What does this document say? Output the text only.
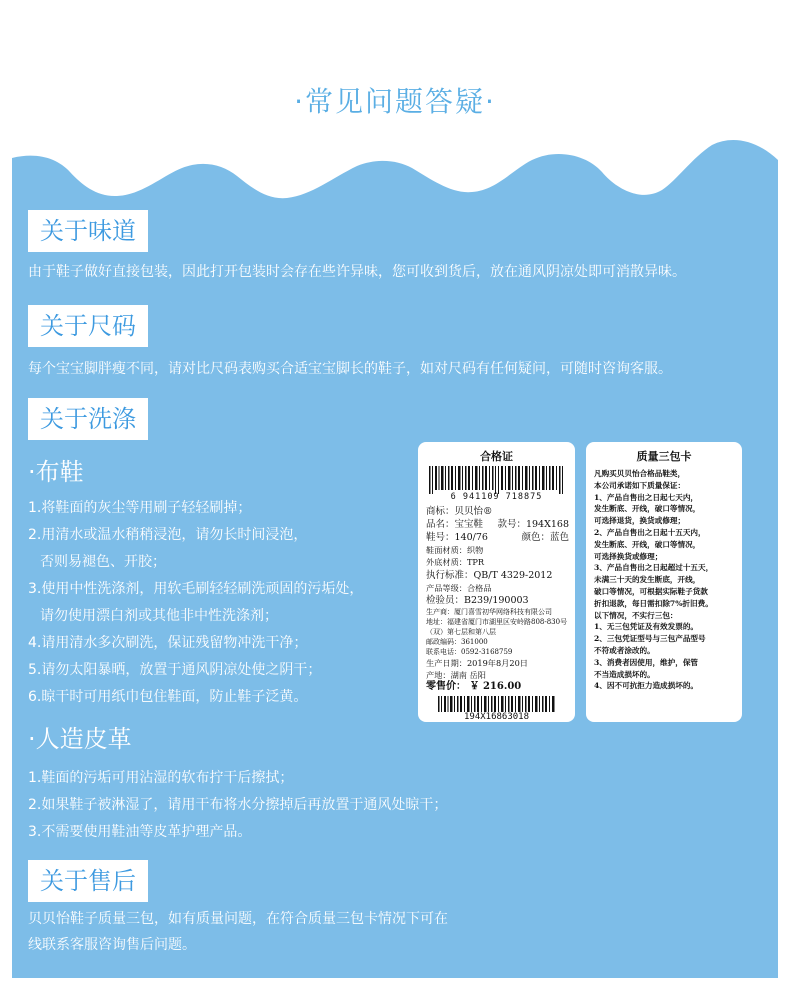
·常见问题答疑·
关于味道
由于鞋子做好直接包装，因此打开包装时会存在些许异味，您可收到货后，放在通风阴凉处即可消散异味。
关于尺码
每个宝宝脚胖瘦不同，请对比尺码表购买合适宝宝脚长的鞋子，如对尺码有任何疑问，可随时咨询客服。
关于洗涤
·布鞋
1.将鞋面的灰尘等用刷子轻轻刷掉；
2.用清水或温水稍稍浸泡，请勿长时间浸泡，
否则易褪色、开胶；
3.使用中性洗涤剂，用软毛刷轻轻刷洗顽固的污垢处，
请勿使用漂白剂或其他非中性洗涤剂；
4.请用清水多次刷洗，保证残留物冲洗干净；
5.请勿太阳暴晒，放置于通风阴凉处使之阴干；
6.晾干时可用纸巾包住鞋面，防止鞋子泛黄。
·人造皮革
1.鞋面的污垢可用沾湿的软布拧干后擦拭；
2.如果鞋子被淋湿了，请用干布将水分擦掉后再放置于通风处晾干；
3.不需要使用鞋油等皮革护理产品。
关于售后
贝贝怡鞋子质量三包，如有质量问题，在符合质量三包卡情况下可在
线联系客服咨询售后问题。
合格证
6 941109 718875
商标：贝贝怡®
品名：宝宝鞋 款号：194X168
鞋号：140/76	颜色：蓝色
鞋面材质：织物
外底材质：TPR
执行标准：QB/T 4329-2012
产品等级：合格品
检验员：B239/190003
生产商：厦门喜雪初华网络科技有限公司
地址：福建省厦门市湖里区安岭路808-830号（双）第七层和第八层
邮政编码：361000
联系电话：0592-3168759
生产日期：2019年8月20日
产地：湖南 岳阳
零售价： ￥ 216.00
194X16863018
质量三包卡
凡购买贝贝怡合格品鞋类，
本公司承诺如下质量保证：
1、产品自售出之日起七天内，
发生断底、开线，破口等情况，
可选择退货，换货或修理；
2、产品自售出之日起十五天内，
发生断底、开线，破口等情况，
可选择换货或修理；
3、产品自售出之日起超过十五天，
未满三十天的发生断底，开线，
破口等情况，可根据实际鞋子货款
折扣退款，每日需扣除7%折旧费。
以下情况，不实行三包：
1、无三包凭证及有效发票的。
2、三包凭证型号与三包产品型号
不符或者涂改的。
3、消费者因使用，维护，保管
不当造成损坏的。
4、因不可抗拒力造成损坏的。
